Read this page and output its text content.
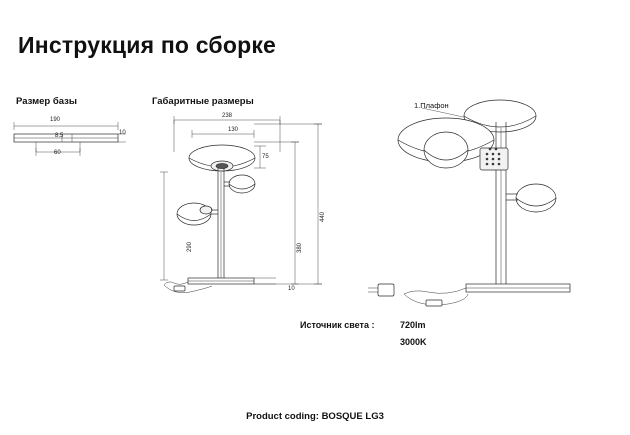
Инструкция по сборке
Размер базы	Габаритные размеры
190
8.5	10
60
238
130
75
290	380
440
10
1.Плафон
Источник света :	720lm
3000K
Product coding: BOSQUE LG3
